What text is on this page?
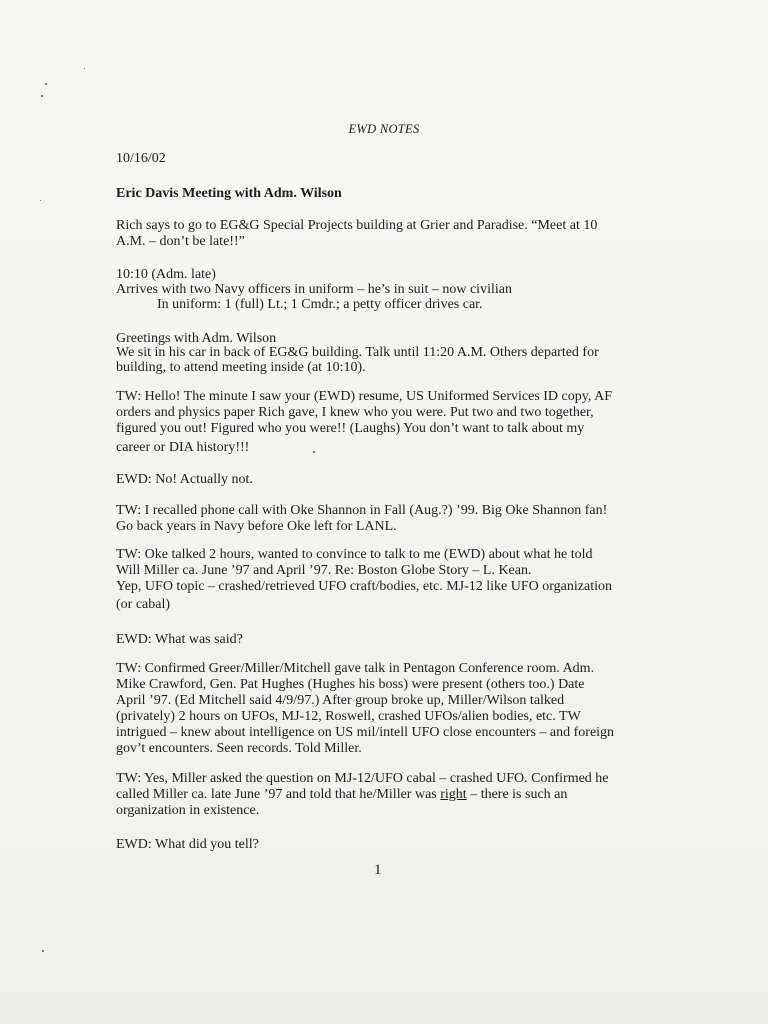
EWD NOTES
10/16/02
Eric Davis Meeting with Adm. Wilson
Rich says to go to EG&G Special Projects building at Grier and Paradise. “Meet at 10
A.M. – don’t be late!!”
10:10 (Adm. late)
Arrives with two Navy officers in uniform – he’s in suit – now civilian
In uniform: 1 (full) Lt.; 1 Cmdr.; a petty officer drives car.
Greetings with Adm. Wilson
We sit in his car in back of EG&G building. Talk until 11:20 A.M. Others departed for
building, to attend meeting inside (at 10:10).
TW: Hello! The minute I saw your (EWD) resume, US Uniformed Services ID copy, AF
orders and physics paper Rich gave, I knew who you were. Put two and two together,
figured you out! Figured who you were!! (Laughs) You don’t want to talk about my
career or DIA history!!!
EWD: No! Actually not.
TW: I recalled phone call with Oke Shannon in Fall (Aug.?) ’99. Big Oke Shannon fan!
Go back years in Navy before Oke left for LANL.
TW: Oke talked 2 hours, wanted to convince to talk to me (EWD) about what he told
Will Miller ca. June ’97 and April ’97. Re: Boston Globe Story – L. Kean.
Yep, UFO topic – crashed/retrieved UFO craft/bodies, etc. MJ-12 like UFO organization
(or cabal)
EWD: What was said?
TW: Confirmed Greer/Miller/Mitchell gave talk in Pentagon Conference room. Adm.
Mike Crawford, Gen. Pat Hughes (Hughes his boss) were present (others too.) Date
April ’97. (Ed Mitchell said 4/9/97.) After group broke up, Miller/Wilson talked
(privately) 2 hours on UFOs, MJ-12, Roswell, crashed UFOs/alien bodies, etc. TW
intrigued – knew about intelligence on US mil/intell UFO close encounters – and foreign
gov’t encounters. Seen records. Told Miller.
TW: Yes, Miller asked the question on MJ-12/UFO cabal – crashed UFO. Confirmed he
called Miller ca. late June ’97 and told that he/Miller was right – there is such an
organization in existence.
EWD: What did you tell?
1
